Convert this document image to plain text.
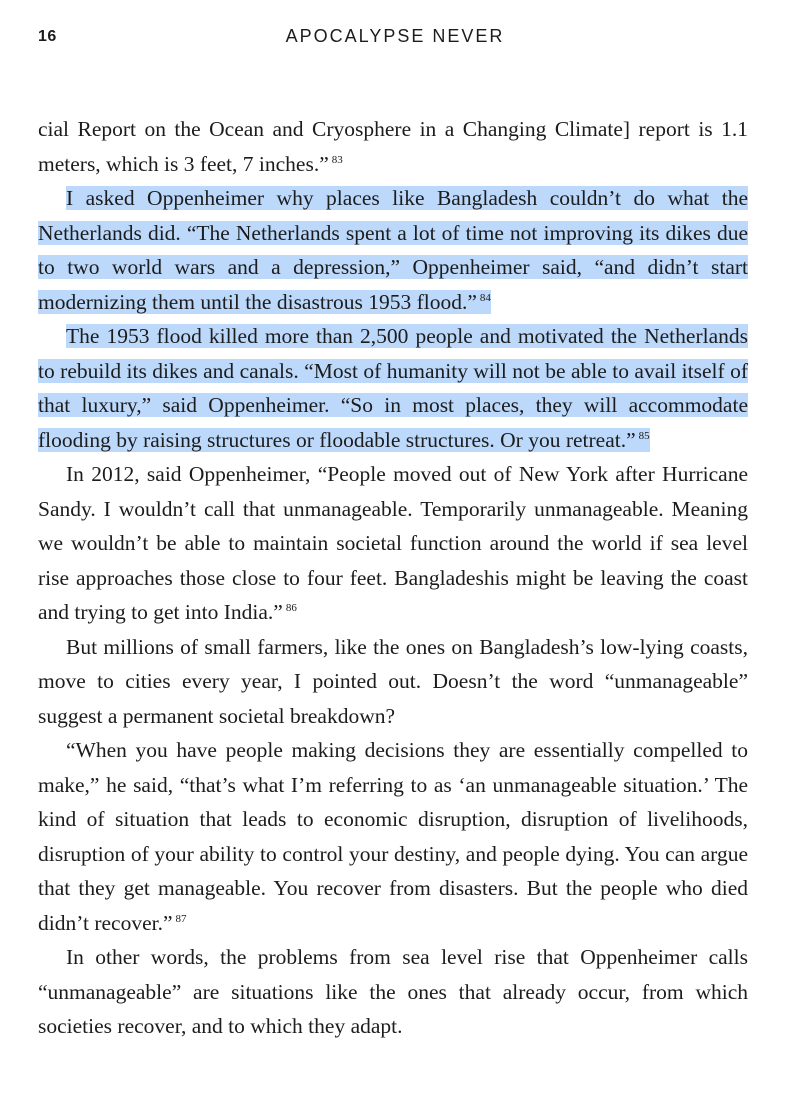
16	APOCALYPSE NEVER

cial Report on the Ocean and Cryosphere in a Changing Climate] report is 1.1 meters, which is 3 feet, 7 inches.” $^{83}$

I asked Oppenheimer why places like Bangladesh couldn’t do what the Netherlands did. “The Netherlands spent a lot of time not improving its dikes due to two world wars and a depression,” Oppenheimer said, “and didn’t start modernizing them until the disastrous 1953 flood.” $^{84}$

The 1953 flood killed more than 2,500 people and motivated the Netherlands to rebuild its dikes and canals. “Most of humanity will not be able to avail itself of that luxury,” said Oppenheimer. “So in most places, they will accommodate flooding by raising structures or floodable structures. Or you retreat.” $^{85}$

In 2012, said Oppenheimer, “People moved out of New York after Hurricane Sandy. I wouldn’t call that unmanageable. Temporarily unmanageable. Meaning we wouldn’t be able to maintain societal function around the world if sea level rise approaches those close to four feet. Bangladeshis might be leaving the coast and trying to get into India.” $^{86}$

But millions of small farmers, like the ones on Bangladesh’s low-lying coasts, move to cities every year, I pointed out. Doesn’t the word “unmanageable” suggest a permanent societal breakdown?

“When you have people making decisions they are essentially compelled to make,” he said, “that’s what I’m referring to as ‘an unmanageable situation.’ The kind of situation that leads to economic disruption, disruption of livelihoods, disruption of your ability to control your destiny, and people dying. You can argue that they get manageable. You recover from disasters. But the people who died didn’t recover.” $^{87}$

In other words, the problems from sea level rise that Oppenheimer calls “unmanageable” are situations like the ones that already occur, from which societies recover, and to which they adapt.
